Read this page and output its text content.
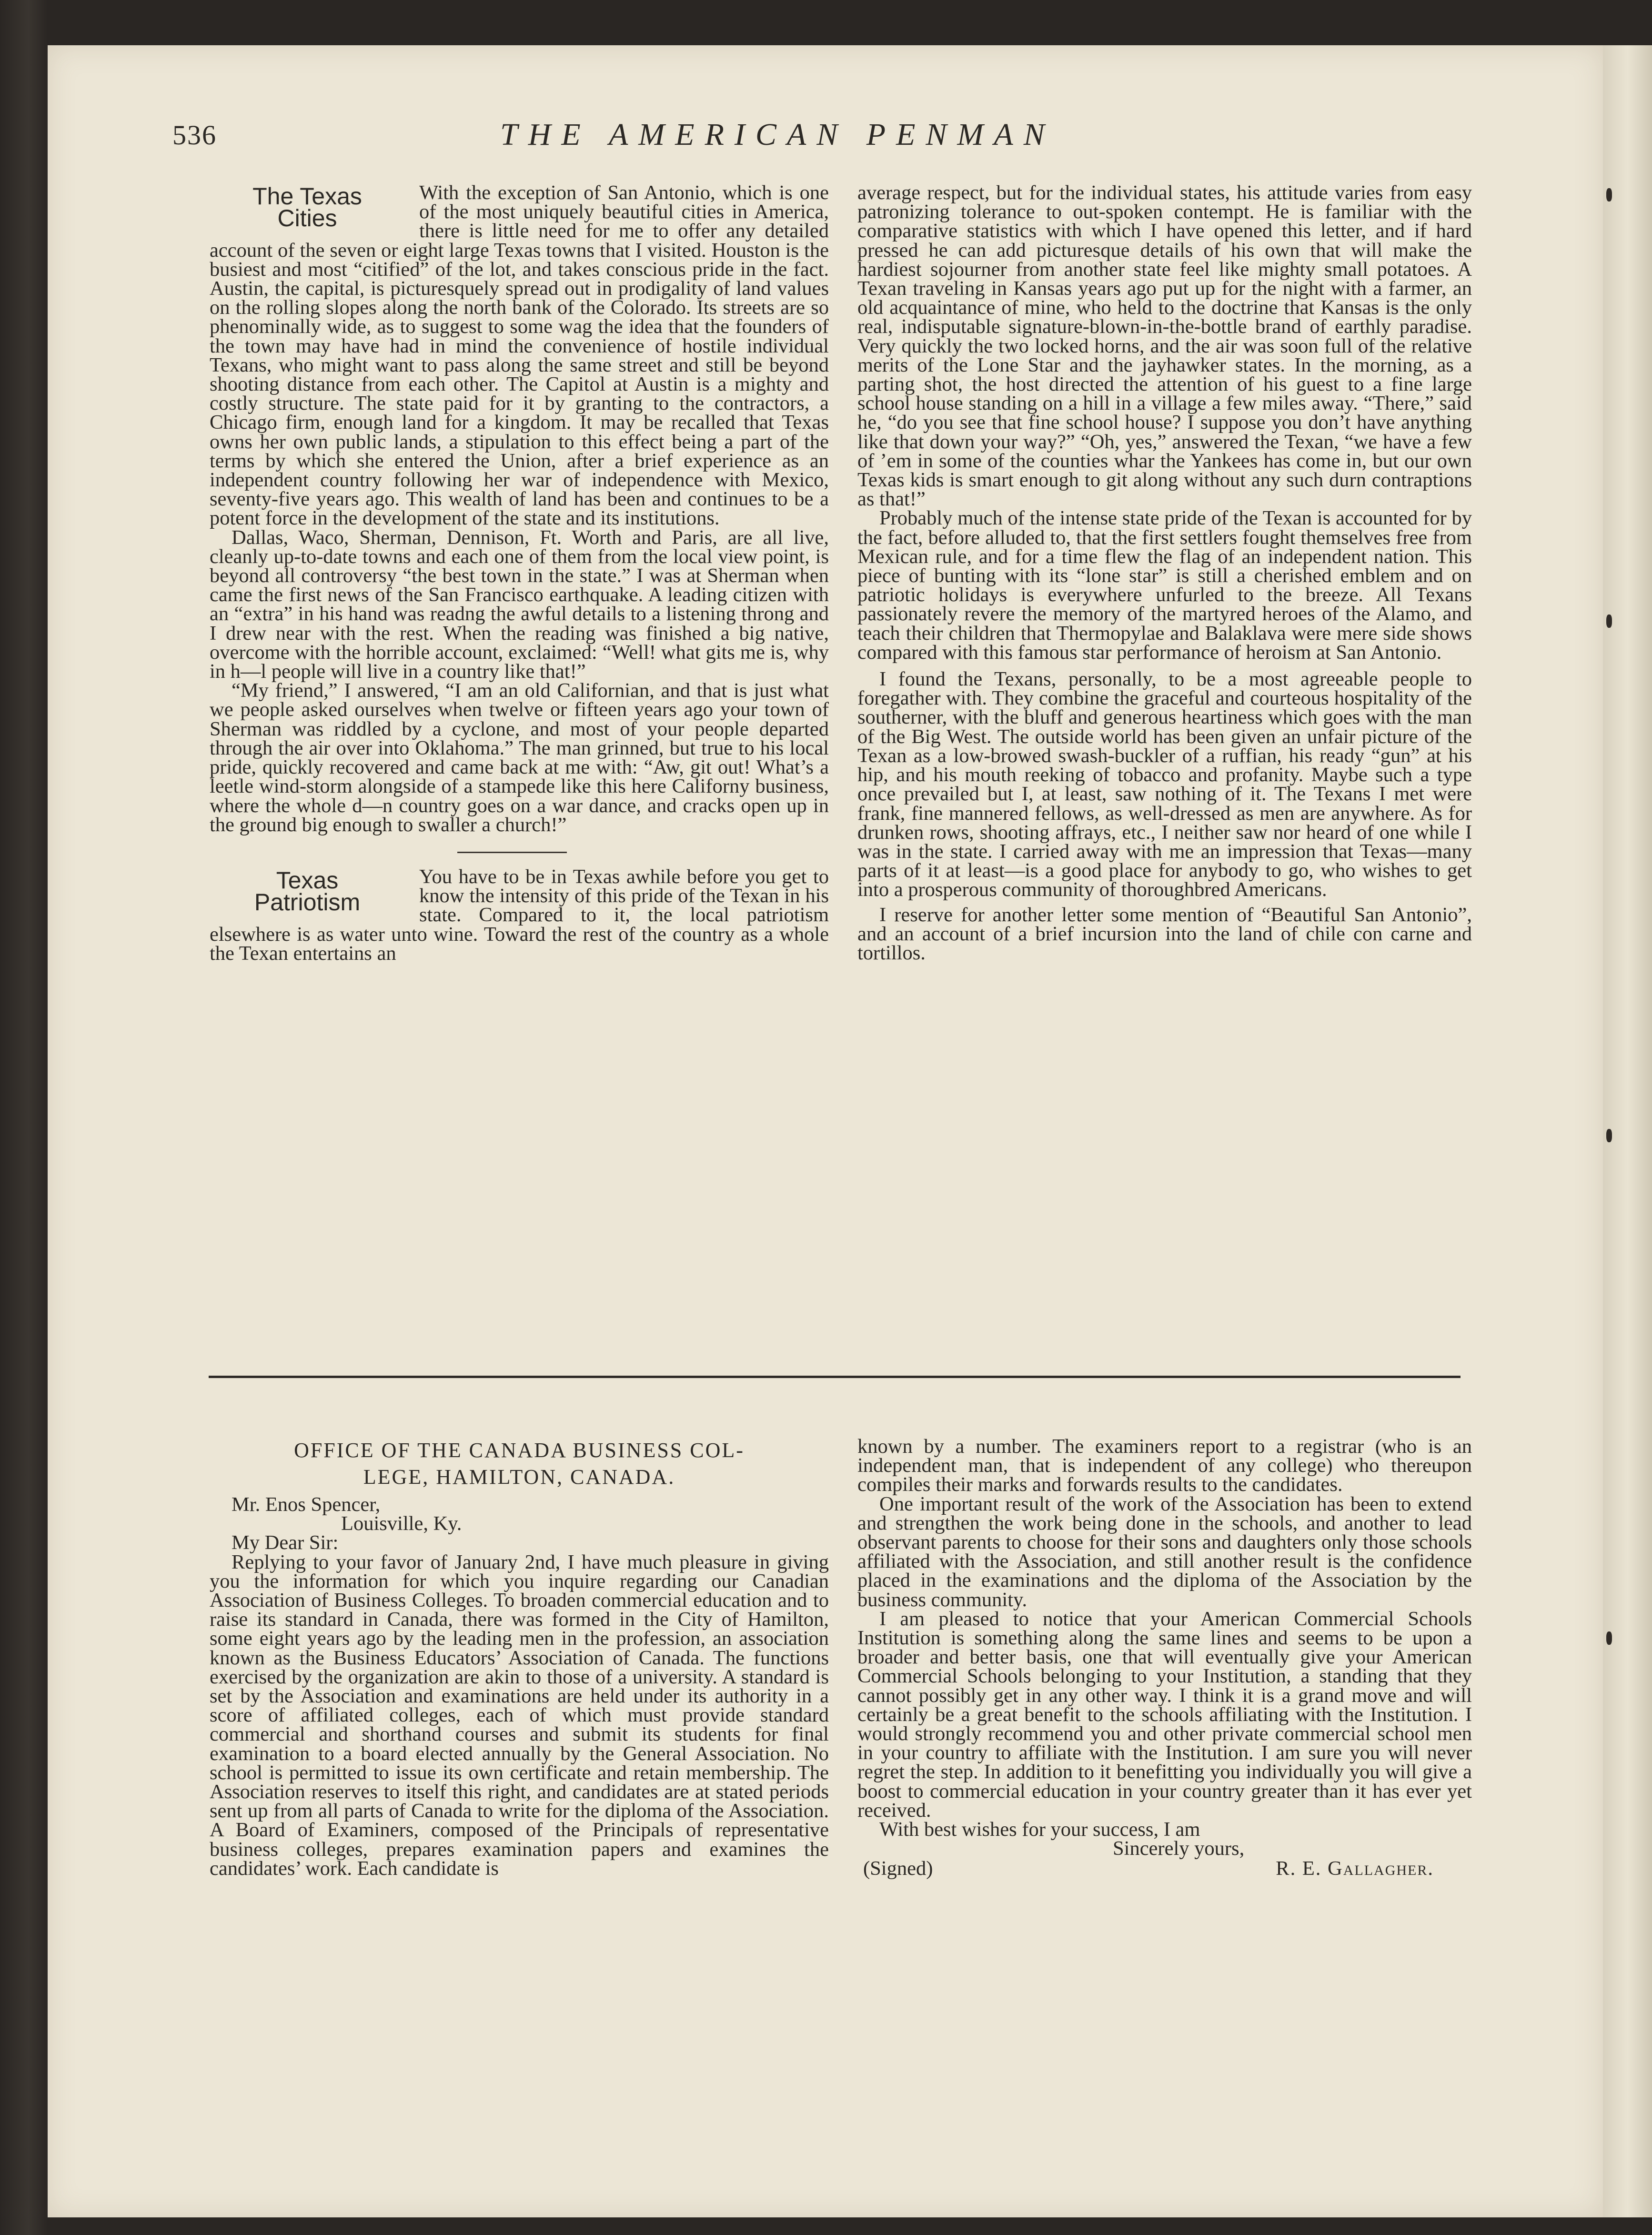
536	THE AMERICAN PENMAN
The Texas
Cities

With the exception of San Antonio, which is one of the most uniquely beautiful cities in America, there is little need for me to offer any detailed account of the seven or eight large Texas towns that I visited. Houston is the busiest and most “citified” of the lot, and takes conscious pride in the fact. Austin, the capital, is picturesquely spread out in prodigality of land values on the rolling slopes along the north bank of the Colorado. Its streets are so phenominally wide, as to suggest to some wag the idea that the founders of the town may have had in mind the convenience of hostile individual Texans, who might want to pass along the same street and still be beyond shooting distance from each other. The Capitol at Austin is a mighty and costly structure. The state paid for it by granting to the contractors, a Chicago firm, enough land for a kingdom. It may be recalled that Texas owns her own public lands, a stipulation to this effect being a part of the terms by which she entered the Union, after a brief experience as an independent country following her war of independence with Mexico, seventy-five years ago. This wealth of land has been and continues to be a potent force in the development of the state and its institutions.

Dallas, Waco, Sherman, Dennison, Ft. Worth and Paris, are all live, cleanly up-to-date towns and each one of them from the local view point, is beyond all controversy “the best town in the state.” I was at Sherman when came the first news of the San Francisco earthquake. A leading citizen with an “extra” in his hand was readng the awful details to a listening throng and I drew near with the rest. When the reading was finished a big native, overcome with the horrible account, exclaimed: “Well! what gits me is, why in h—l people will live in a country like that!”

“My friend,” I answered, “I am an old Californian, and that is just what we people asked ourselves when twelve or fifteen years ago your town of Sherman was riddled by a cyclone, and most of your people departed through the air over into Oklahoma.” The man grinned, but true to his local pride, quickly recovered and came back at me with: “Aw, git out! What’s a leetle wind-storm alongside of a stampede like this here Californy business, where the whole d—n country goes on a war dance, and cracks open up in the ground big enough to swaller a church!”

Texas
Patriotism

You have to be in Texas awhile before you get to know the intensity of this pride of the Texan in his state. Compared to it, the local patriotism elsewhere is as water unto wine. Toward the rest of the country as a whole the Texan entertains an

average respect, but for the individual states, his attitude varies from easy patronizing tolerance to out-spoken contempt. He is familiar with the comparative statistics with which I have opened this letter, and if hard pressed he can add picturesque details of his own that will make the hardiest sojourner from another state feel like mighty small potatoes. A Texan traveling in Kansas years ago put up for the night with a farmer, an old acquaintance of mine, who held to the doctrine that Kansas is the only real, indisputable signature-blown-in-the-bottle brand of earthly paradise. Very quickly the two locked horns, and the air was soon full of the relative merits of the Lone Star and the jayhawker states. In the morning, as a parting shot, the host directed the attention of his guest to a fine large school house standing on a hill in a village a few miles away. “There,” said he, “do you see that fine school house? I suppose you don’t have anything like that down your way?” “Oh, yes,” answered the Texan, “we have a few of ’em in some of the counties whar the Yankees has come in, but our own Texas kids is smart enough to git along without any such durn contraptions as that!”

Probably much of the intense state pride of the Texan is accounted for by the fact, before alluded to, that the first settlers fought themselves free from Mexican rule, and for a time flew the flag of an independent nation. This piece of bunting with its “lone star” is still a cherished emblem and on patriotic holidays is everywhere unfurled to the breeze. All Texans passionately revere the memory of the martyred heroes of the Alamo, and teach their children that Thermopylae and Balaklava were mere side shows compared with this famous star performance of heroism at San Antonio.

I found the Texans, personally, to be a most agreeable people to foregather with. They combine the graceful and courteous hospitality of the southerner, with the bluff and generous heartiness which goes with the man of the Big West. The outside world has been given an unfair picture of the Texan as a low-browed swash-buckler of a ruffian, his ready “gun” at his hip, and his mouth reeking of tobacco and profanity. Maybe such a type once prevailed but I, at least, saw nothing of it. The Texans I met were frank, fine mannered fellows, as well-dressed as men are anywhere. As for drunken rows, shooting affrays, etc., I neither saw nor heard of one while I was in the state. I carried away with me an impression that Texas—many parts of it at least—is a good place for anybody to go, who wishes to get into a prosperous community of thoroughbred Americans.

I reserve for another letter some mention of “Beautiful San Antonio”, and an account of a brief incursion into the land of chile con carne and tortillos.

OFFICE OF THE CANADA BUSINESS COL-
LEGE, HAMILTON, CANADA.

Mr. Enos Spencer,

Louisville, Ky.

My Dear Sir:

Replying to your favor of January 2nd, I have much pleasure in giving you the information for which you inquire regarding our Canadian Association of Business Colleges. To broaden commercial education and to raise its standard in Canada, there was formed in the City of Hamilton, some eight years ago by the leading men in the profession, an association known as the Business Educators’ Association of Canada. The functions exercised by the organization are akin to those of a university. A standard is set by the Association and examinations are held under its authority in a score of affiliated colleges, each of which must provide standard commercial and shorthand courses and submit its students for final examination to a board elected annually by the General Association. No school is permitted to issue its own certificate and retain membership. The Association reserves to itself this right, and candidates are at stated periods sent up from all parts of Canada to write for the diploma of the Association. A Board of Examiners, composed of the Principals of representative business colleges, prepares examination papers and examines the candidates’ work. Each candidate is

known by a number. The examiners report to a registrar (who is an independent man, that is independent of any college) who thereupon compiles their marks and forwards results to the candidates.

One important result of the work of the Association has been to extend and strengthen the work being done in the schools, and another to lead observant parents to choose for their sons and daughters only those schools affiliated with the Association, and still another result is the confidence placed in the examinations and the diploma of the Association by the business community.

I am pleased to notice that your American Commercial Schools Institution is something along the same lines and seems to be upon a broader and better basis, one that will eventually give your American Commercial Schools belonging to your Institution, a standing that they cannot possibly get in any other way. I think it is a grand move and will certainly be a great benefit to the schools affiliating with the Institution. I would strongly recommend you and other private commercial school men in your country to affiliate with the Institution. I am sure you will never regret the step. In addition to it benefitting you individually you will give a boost to commercial education in your country greater than it has ever yet received.

With best wishes for your success, I am

Sincerely yours,

(Signed)	R. E. Gallagher.
